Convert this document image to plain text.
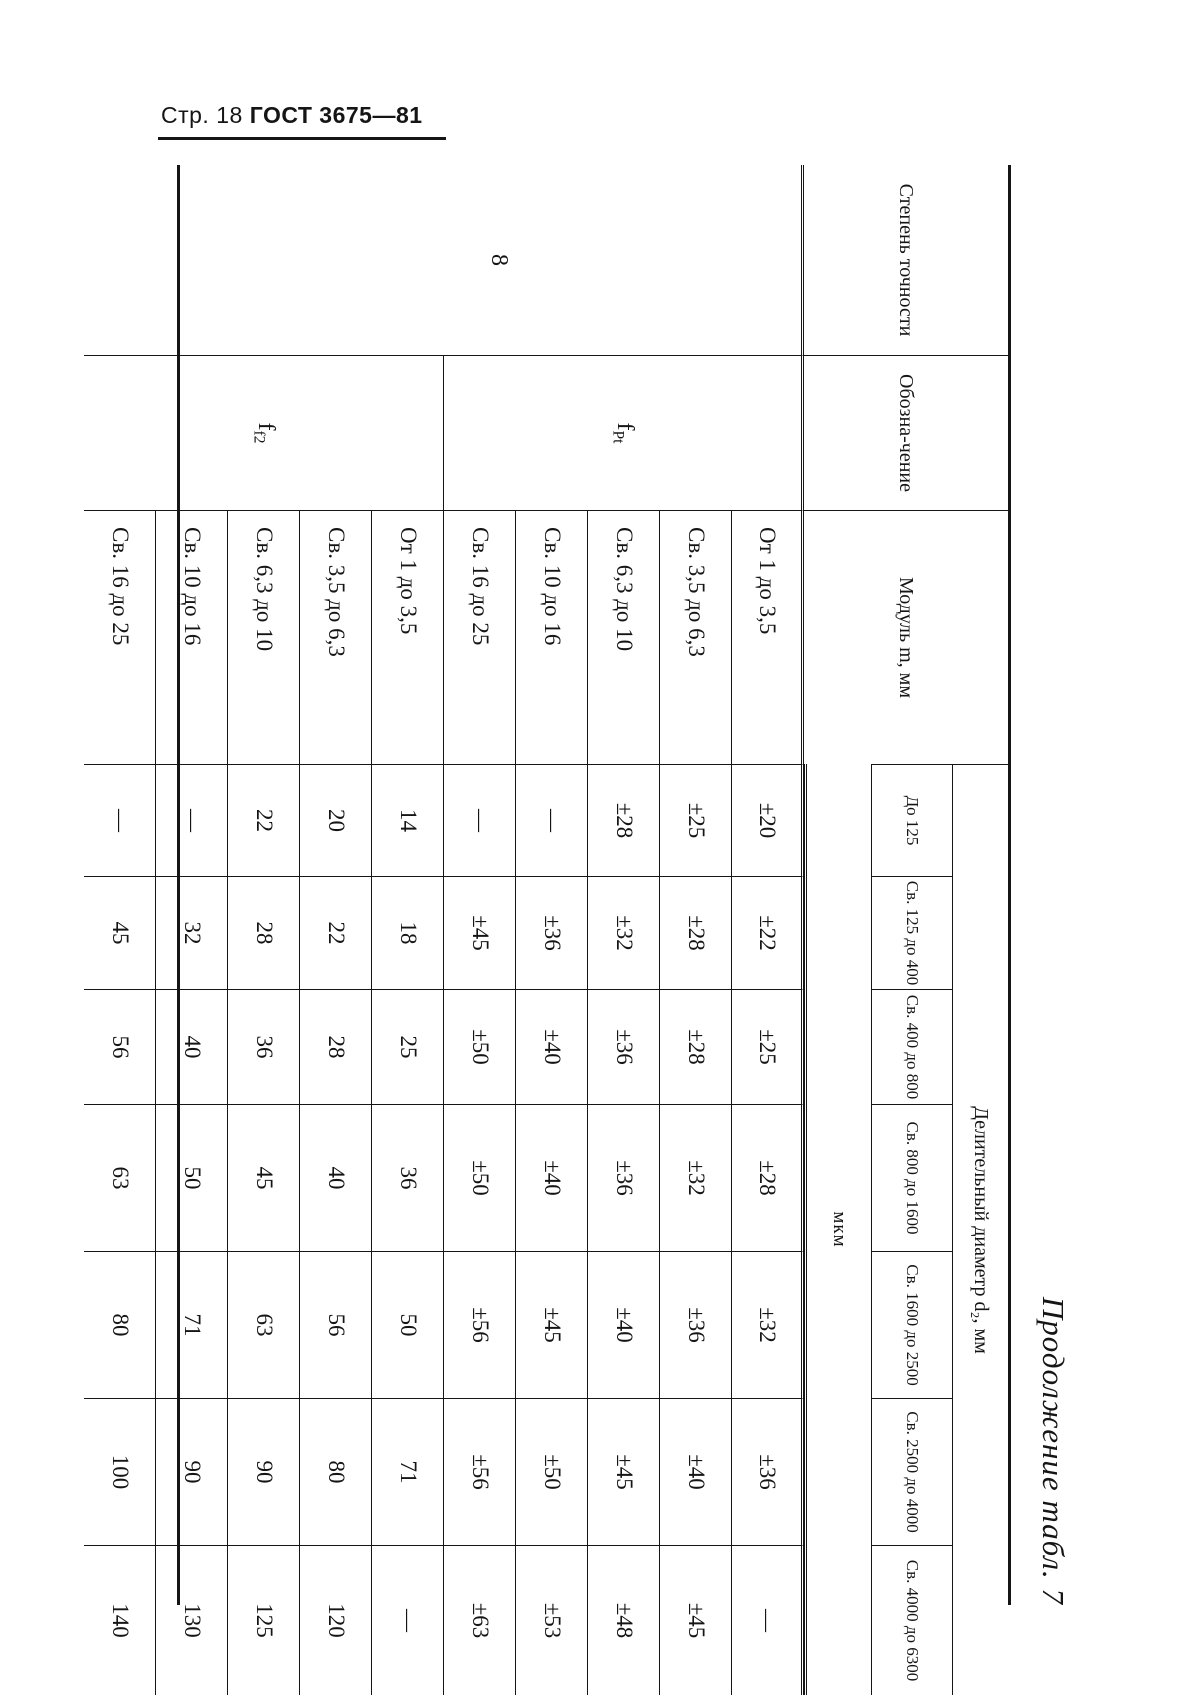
Стр. 18 ГОСТ 3675—81
Продолжение табл. 7
Степень точности
Обозна-чение
Модуль m, мм
Делительный диаметр d₂, мм
До 125
Св. 125 до 400
Св. 400 до 800
Св. 800 до 1600
Св. 1600 до 2500
Св. 2500 до 4000
Св. 4000 до 6300
мкм
8
$f_{Pt}$
$f_{f2}$
От 1 до 3,5
±20
±22
±25
±28
±32
±36
—
Св. 3,5 до 6,3
±25
±28
±28
±32
±36
±40
±45
Св. 6,3 до 10
±28
±32
±36
±36
±40
±45
±48
Св. 10 до 16
—
±36
±40
±40
±45
±50
±53
Св. 16 до 25
—
±45
±50
±50
±56
±56
±63
От 1 до 3,5
14
18
25
36
50
71
—
Св. 3,5 до 6,3
20
22
28
40
56
80
120
Св. 6,3 до 10
22
28
36
45
63
90
125
Св. 10 до 16
—
32
40
50
71
90
130
Св. 16 до 25
—
45
56
63
80
100
140
